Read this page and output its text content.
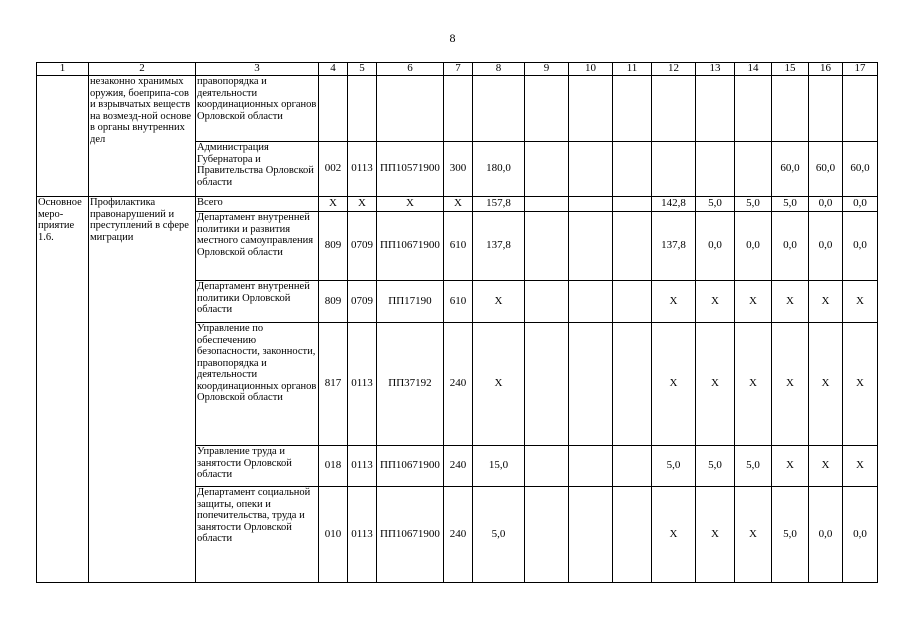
8
1	2	3	4	5	6	7	8	9	10	11	12	13	14	15	16	17
	незаконно хранимых оружия, боеприпа-сов и взрывчатых веществ на возмезд-ной основе в органы внутренних дел	правопорядка и деятельности координационных органов Орловской области														
		Администрация Губернатора и Правительства Орловской области	002	0113	ПП10571900	300	180,0							60,0	60,0	60,0
Основное меро-приятие 1.6.	Профилактика правонарушений и преступлений в сфере миграции	Всего	Х	Х	Х	Х	157,8				142,8	5,0	5,0	5,0	0,0	0,0
		Департамент внутренней политики и развития местного самоуправления Орловской области	809	0709	ПП10671900	610	137,8				137,8	0,0	0,0	0,0	0,0	0,0
		Департамент внутренней политики Орловской области	809	0709	ПП17190	610	Х				Х	Х	Х	Х	Х	Х
		Управление по обеспечению безопасности, законности, правопорядка и деятельности координационных органов Орловской области	817	0113	ПП37192	240	Х				Х	Х	Х	Х	Х	Х
		Управление труда и занятости Орловской области	018	0113	ПП10671900	240	15,0				5,0	5,0	5,0	Х	Х	Х
		Департамент социальной защиты, опеки и попечительства, труда и занятости Орловской области	010	0113	ПП10671900	240	5,0				Х	Х	Х	5,0	0,0	0,0
